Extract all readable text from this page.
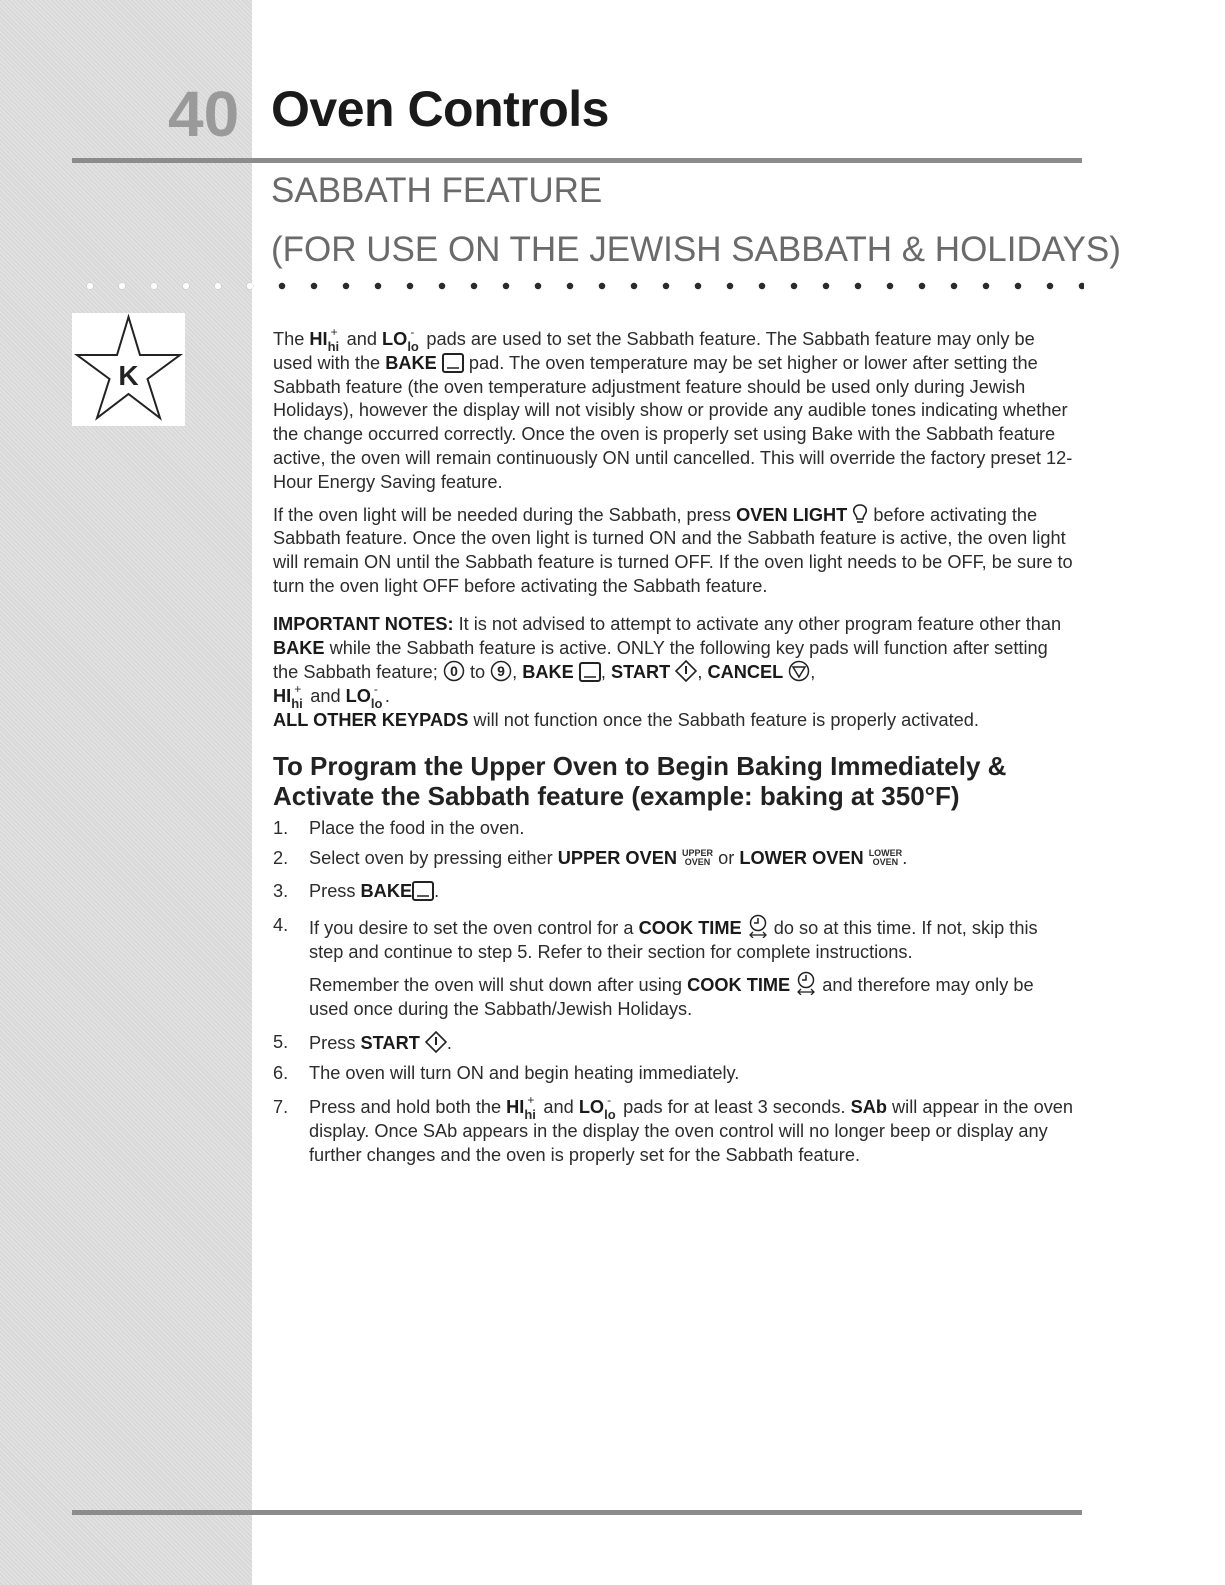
40 Oven Controls
SABBATH FEATURE
(FOR USE ON THE JEWISH SABBATH & HOLIDAYS)
K

The HI +
hi and LO -
lo pads are used to set the Sabbath feature. The Sabbath feature may only be used with the BAKE  pad. The oven temperature may be set higher or lower after setting the Sabbath feature (the oven temperature adjustment feature should be used only during Jewish Holidays), however the display will not visibly show or provide any audible tones indicating whether the change occurred correctly. Once the oven is properly set using Bake with the Sabbath feature active, the oven will remain continuously ON until cancelled. This will override the factory preset 12-Hour Energy Saving feature.

If the oven light will be needed during the Sabbath, press OVEN LIGHT  before activating the Sabbath feature. Once the oven light is turned ON and the Sabbath feature is active, the oven light will remain ON until the Sabbath feature is turned OFF. If the oven light needs to be OFF, be sure to turn the oven light OFF before activating the Sabbath feature.

IMPORTANT NOTES: It is not advised to attempt to activate any other program feature other than BAKE while the Sabbath feature is active. ONLY the following key pads will function after setting the Sabbath feature; 0 to 9 , BAKE , START , CANCEL ,
HI +
hi and LO -
lo .
ALL OTHER KEYPADS will not function once the Sabbath feature is properly activated.

To Program the Upper Oven to Begin Baking Immediately & Activate the Sabbath feature (example: baking at 350°F)
1. Place the food in the oven.
2. Select oven by pressing either UPPER OVEN UPPER
OVEN or LOWER OVEN LOWER
OVEN .
3. Press BAKE .
4. If you desire to set the oven control for a COOK TIME  do so at this time. If not, skip this step and continue to step 5. Refer to their section for complete instructions.
Remember the oven will shut down after using COOK TIME  and therefore may only be used once during the Sabbath/Jewish Holidays.
5. Press START .
6. The oven will turn ON and begin heating immediately.
7. Press and hold both the HI +
hi and LO -
lo pads for at least 3 seconds. SAb will appear in the oven display. Once SAb appears in the display the oven control will no longer beep or display any further changes and the oven is properly set for the Sabbath feature.
